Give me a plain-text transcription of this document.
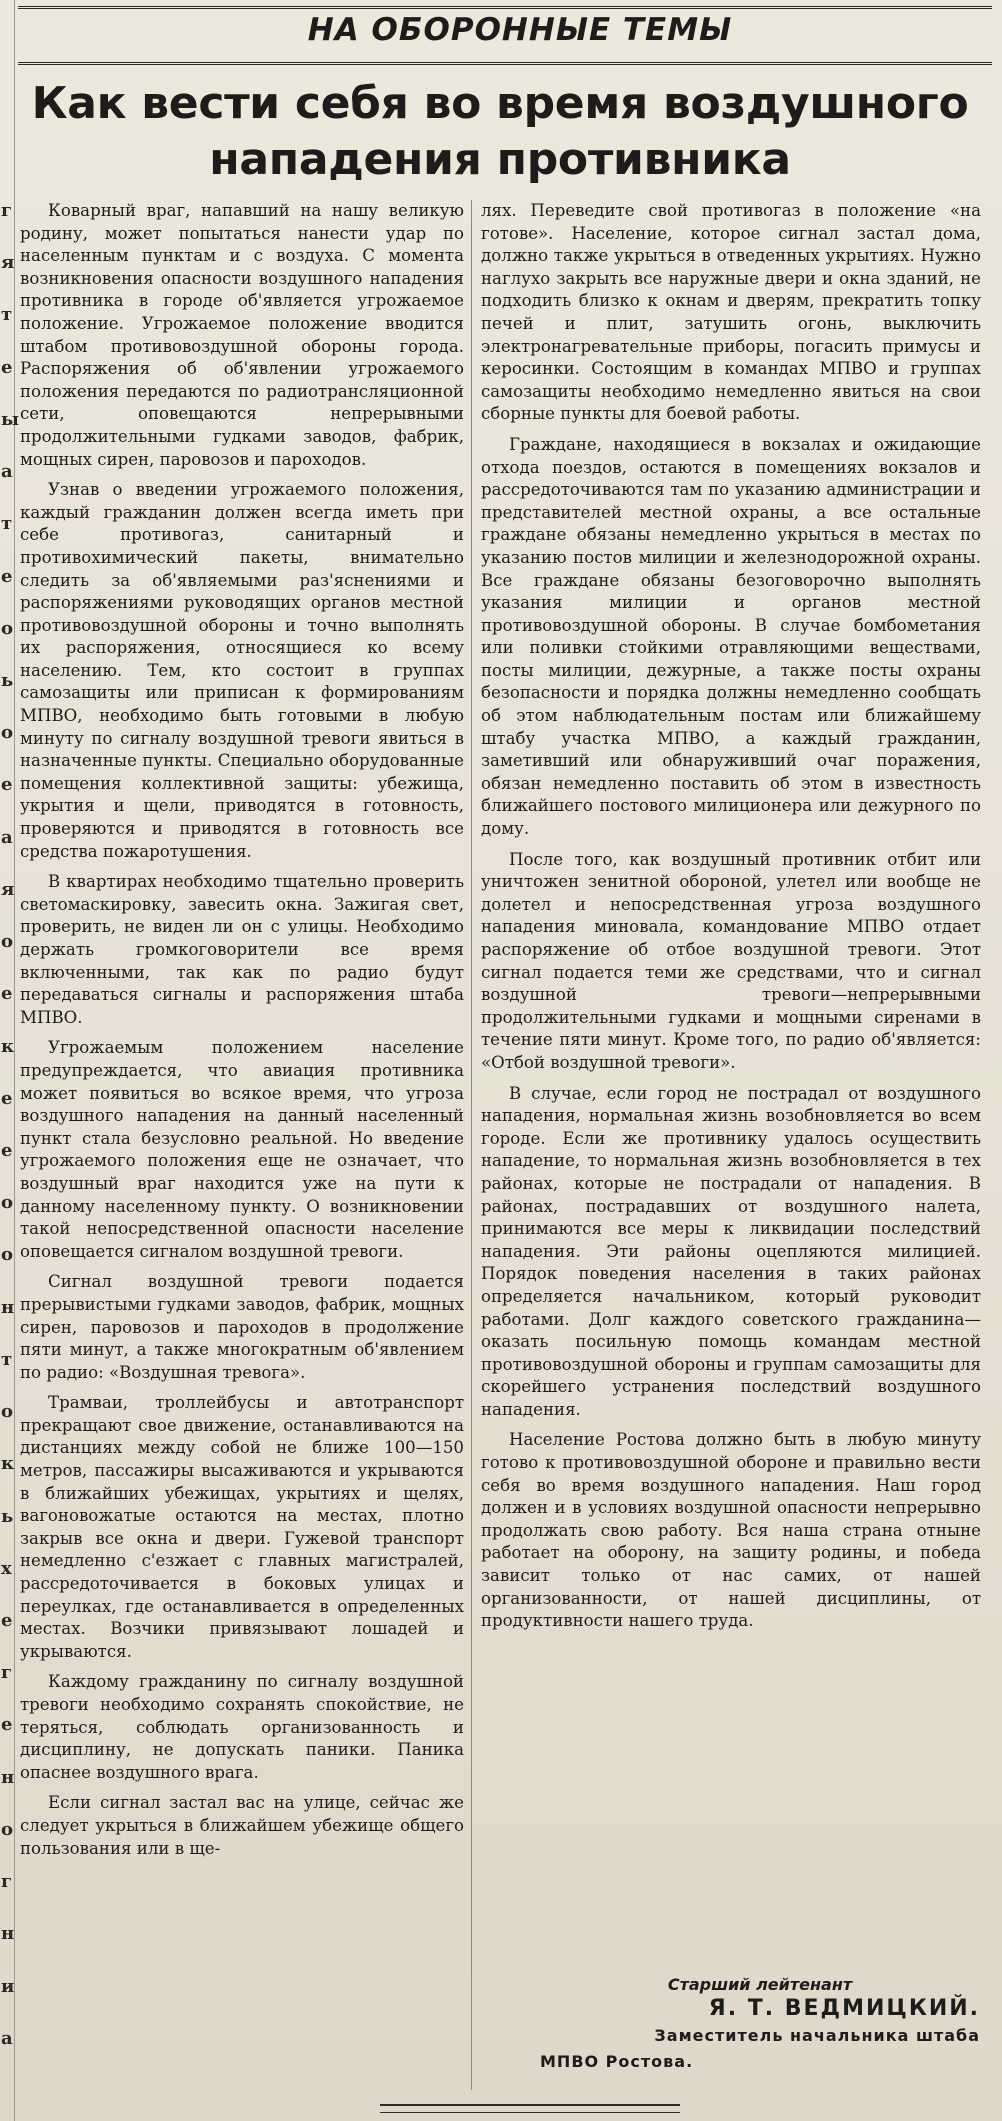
г
я
т
е
ы
а
т
е
о
ь
о
е
а
я
о
е
к
е
е
о
о
н
т
о
к
ь
х
е
г
е
н
о
г
н
и
а
НА ОБОРОННЫЕ ТЕМЫ
Как вести себя во время воздушного
нападения противника

Коварный враг, напавший на нашу великую родину, может попытаться нанести удар по населенным пунктам и с воздуха. С момента возникновения опасности воздушного нападения противника в городе об'является угрожаемое положение. Угрожаемое положение вводится штабом противовоздушной обороны города. Распоряжения об об'явлении угрожаемого положения передаются по радиотрансляционной сети, оповещаются непрерывными продолжительными гудками заводов, фабрик, мощных сирен, паровозов и пароходов.

Узнав о введении угрожаемого положения, каждый гражданин должен всегда иметь при себе противогаз, санитарный и противохимический пакеты, внимательно следить за об'являемыми раз'яснениями и распоряжениями руководящих органов местной противовоздушной обороны и точно выполнять их распоряжения, относящиеся ко всему населению. Тем, кто состоит в группах самозащиты или приписан к формированиям МПВО, необходимо быть готовыми в любую минуту по сигналу воздушной тревоги явиться в назначенные пункты. Специально оборудованные помещения коллективной защиты: убежища, укрытия и щели, приводятся в готовность, проверяются и приводятся в готовность все средства пожаротушения.

В квартирах необходимо тщательно проверить светомаскировку, завесить окна. Зажигая свет, проверить, не виден ли он с улицы. Необходимо держать громкоговорители все время включенными, так как по радио будут передаваться сигналы и распоряжения штаба МПВО.

Угрожаемым положением население предупреждается, что авиация противника может появиться во всякое время, что угроза воздушного нападения на данный населенный пункт стала безусловно реальной. Но введение угрожаемого положения еще не означает, что воздушный враг находится уже на пути к данному населенному пункту. О возникновении такой непосредственной опасности население оповещается сигналом воздушной тревоги.

Сигнал воздушной тревоги подается прерывистыми гудками заводов, фабрик, мощных сирен, паровозов и пароходов в продолжение пяти минут, а также многократным об'явлением по радио: «Воздушная тревога».

Трамваи, троллейбусы и автотранспорт прекращают свое движение, останавливаются на дистанциях между собой не ближе 100—150 метров, пассажиры высаживаются и укрываются в ближайших убежищах, укрытиях и щелях, вагоновожатые остаются на местах, плотно закрыв все окна и двери. Гужевой транспорт немедленно с'езжает с главных магистралей, рассредоточивается в боковых улицах и переулках, где останавливается в определенных местах. Возчики привязывают лошадей и укрываются.

Каждому гражданину по сигналу воздушной тревоги необходимо сохранять спокойствие, не теряться, соблюдать организованность и дисциплину, не допускать паники. Паника опаснее воздушного врага.

Если сигнал застал вас на улице, сейчас же следует укрыться в ближайшем убежище общего пользования или в ще-

лях. Переведите свой противогаз в положение «на готове». Население, которое сигнал застал дома, должно также укрыться в отведенных укрытиях. Нужно наглухо закрыть все наружные двери и окна зданий, не подходить близко к окнам и дверям, прекратить топку печей и плит, затушить огонь, выключить электронагревательные приборы, погасить примусы и керосинки. Состоящим в командах МПВО и группах самозащиты необходимо немедленно явиться на свои сборные пункты для боевой работы.

Граждане, находящиеся в вокзалах и ожидающие отхода поездов, остаются в помещениях вокзалов и рассредоточиваются там по указанию администрации и представителей местной охраны, а все остальные граждане обязаны немедленно укрыться в местах по указанию постов милиции и железнодорожной охраны. Все граждане обязаны безоговорочно выполнять указания милиции и органов местной противовоздушной обороны. В случае бомбометания или поливки стойкими отравляющими веществами, посты милиции, дежурные, а также посты охраны безопасности и порядка должны немедленно сообщать об этом наблюдательным постам или ближайшему штабу участка МПВО, а каждый гражданин, заметивший или обнаруживший очаг поражения, обязан немедленно поставить об этом в известность ближайшего постового милиционера или дежурного по дому.

После того, как воздушный противник отбит или уничтожен зенитной обороной, улетел или вообще не долетел и непосредственная угроза воздушного нападения миновала, командование МПВО отдает распоряжение об отбое воздушной тревоги. Этот сигнал подается теми же средствами, что и сигнал воздушной тревоги—непрерывными продолжительными гудками и мощными сиренами в течение пяти минут. Кроме того, по радио об'является: «Отбой воздушной тревоги».

В случае, если город не пострадал от воздушного нападения, нормальная жизнь возобновляется во всем городе. Если же противнику удалось осуществить нападение, то нормальная жизнь возобновляется в тех районах, которые не пострадали от нападения. В районах, пострадавших от воздушного налета, принимаются все меры к ликвидации последствий нападения. Эти районы оцепляются милицией. Порядок поведения населения в таких районах определяется начальником, который руководит работами. Долг каждого советского гражданина—оказать посильную помощь командам местной противовоздушной обороны и группам самозащиты для скорейшего устранения последствий воздушного нападения.

Население Ростова должно быть в любую минуту готово к противовоздушной обороне и правильно вести себя во время воздушного нападения. Наш город должен и в условиях воздушной опасности непрерывно продолжать свою работу. Вся наша страна отныне работает на оборону, на защиту родины, и победа зависит только от нас самих, от нашей организованности, от нашей дисциплины, от продуктивности нашего труда.

Старший лейтенант
Я. Т. ВЕДМИЦКИЙ.
Заместитель начальника штаба
МПВО Ростова.
